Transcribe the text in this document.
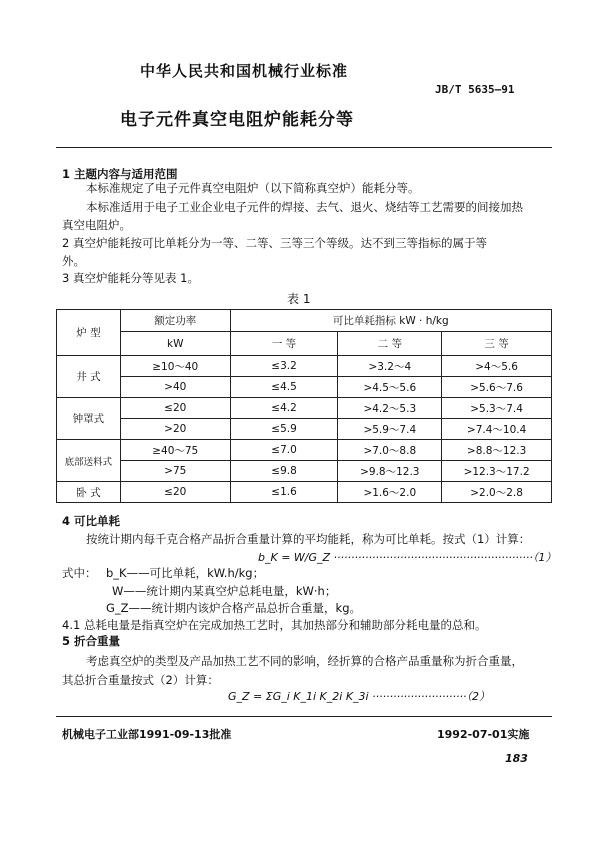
中华人民共和国机械行业标准
JB/T 5635—91
电子元件真空电阻炉能耗分等
1 主题内容与适用范围
本标准规定了电子元件真空电阻炉（以下简称真空炉）能耗分等。
本标准适用于电子工业企业电子元件的焊接、去气、退火、烧结等工艺需要的间接加热
真空电阻炉。
2 真空炉能耗按可比单耗分为一等、二等、三等三个等级。达不到三等指标的属于等
外。
3 真空炉能耗分等见表 1。
表 1
炉 型	额定功率	可比单耗指标 kW · h/kg		
	kW	一 等	二 等	三 等
井 式	≥10～40	≤3.2	>3.2～4	>4～5.6
	>40	≤4.5	>4.5～5.6	>5.6～7.6
钟罩式	≤20	≤4.2	>4.2～5.3	>5.3～7.4
	>20	≤5.9	>5.9～7.4	>7.4～10.4
底部送料式	≥40～75	≤7.0	>7.0～8.8	>8.8～12.3
	>75	≤9.8	>9.8～12.3	>12.3～17.2
卧 式	≤20	≤1.6	>1.6～2.0	>2.0～2.8
4 可比单耗
按统计期内每千克合格产品折合重量计算的平均能耗，称为可比单耗。按式（1）计算：
b_K = W/G_Z ·························································（1）
式中： b_K——可比单耗，kW.h/kg；
W——统计期内某真空炉总耗电量，kW·h；
G_Z——统计期内该炉合格产品总折合重量，kg。
4.1 总耗电量是指真空炉在完成加热工艺时，其加热部分和辅助部分耗电量的总和。
5 折合重量
考虑真空炉的类型及产品加热工艺不同的影响，经折算的合格产品重量称为折合重量，
其总折合重量按式（2）计算：
G_Z = ΣG_i K_1i K_2i K_3i ···························（2）
机械电子工业部1991-09-13批准	1992-07-01实施
183
